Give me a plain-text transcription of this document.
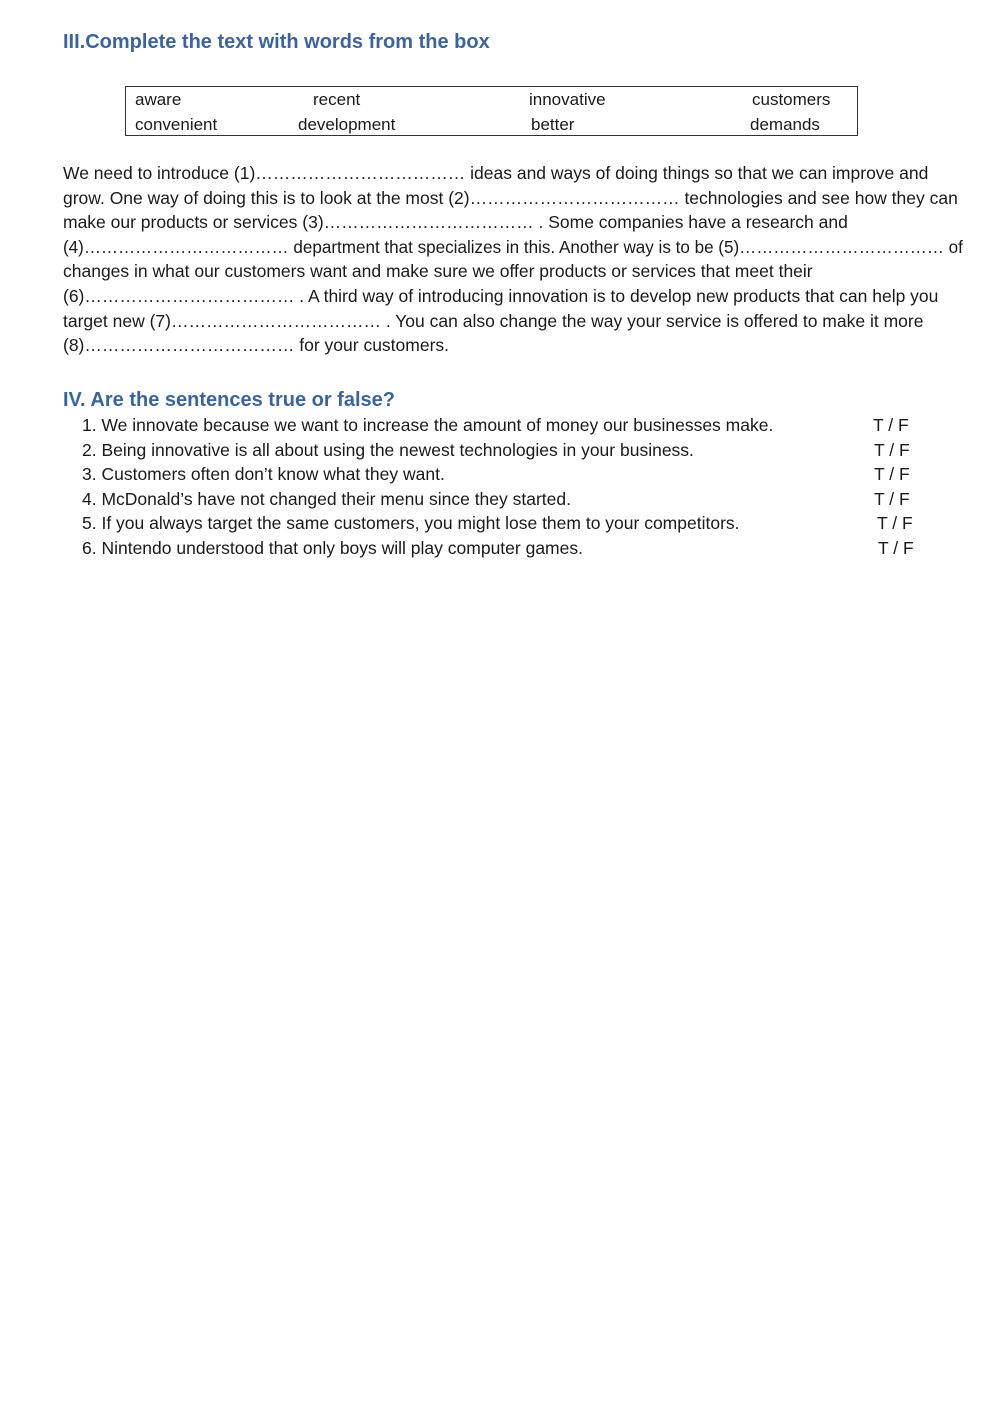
III.Complete the text with words from the box
aware	recent	innovative	customers
convenient	development	better	demands

We need to introduce (1)……………………………… ideas and ways of doing things so that we can improve and
grow. One way of doing this is to look at the most (2)……………………………… technologies and see how they can
make our products or services (3)……………………………… . Some companies have a research and
(4)……………………………… department that specializes in this. Another way is to be (5)……………………………… of
changes in what our customers want and make sure we offer products or services that meet their
(6)……………………………… . A third way of introducing innovation is to develop new products that can help you
target new (7)……………………………… . You can also change the way your service is offered to make it more
(8)……………………………… for your customers.

IV. Are the sentences true or false?
1. We innovate because we want to increase the amount of money our businesses make.	T / F
2. Being innovative is all about using the newest technologies in your business.	T / F
3. Customers often don’t know what they want.	T / F
4. McDonald’s have not changed their menu since they started.	T / F
5. If you always target the same customers, you might lose them to your competitors.	T / F
6. Nintendo understood that only boys will play computer games.	T / F
